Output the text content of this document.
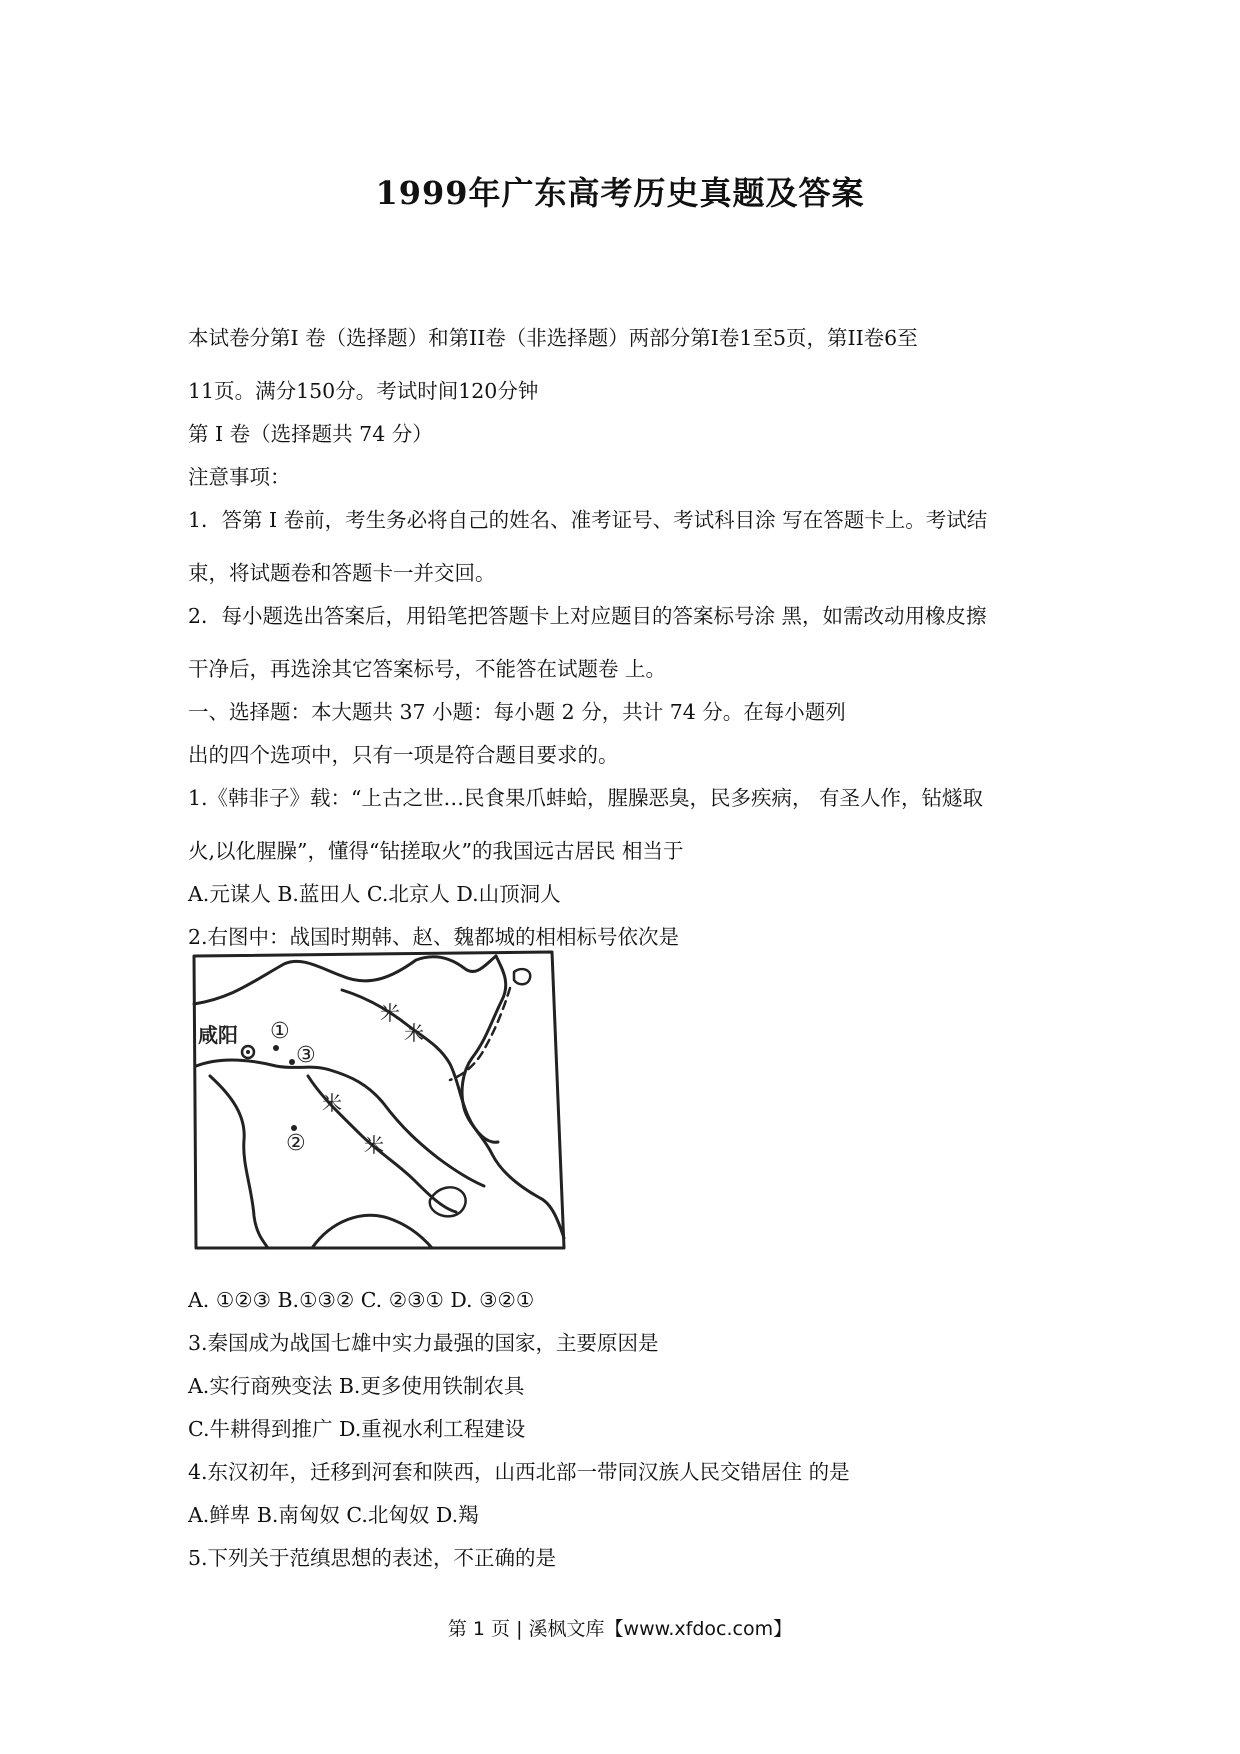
1999年广东高考历史真题及答案

本试卷分第Ⅰ 卷（选择题）和第II卷（非选择题）两部分第Ⅰ卷1至5页，第II卷6至

11页。满分150分。考试时间120分钟

第 Ⅰ 卷（选择题共 74 分）

注意事项：

1．答第 Ⅰ 卷前，考生务必将自己的姓名、准考证号、考试科目涂 写在答题卡上。考试结

束，将试题卷和答题卡一并交回。

2．每小题选出答案后，用铅笔把答题卡上对应题目的答案标号涂 黑，如需改动用橡皮擦

干净后，再选涂其它答案标号，不能答在试题卷 上。

一、选择题：本大题共 37 小题：每小题 2 分，共计 74 分。在每小题列

出的四个选项中，只有一项是符合题目要求的。

1.《韩非子》载：“上古之世…民食果爪蚌蛤，腥臊恶臭，民多疾病， 有圣人作，钻燧取

火,以化腥臊”，懂得“钻搓取火”的我国远古居民 相当于

A.元谋人 B.蓝田人 C.北京人 D.山顶洞人

2.右图中：战国时期韩、赵、魏都城的相相标号依次是

米
米
米
米
咸阳 ①
③
②

A. ①②③ B.①③② C. ②③① D. ③②①

3.秦国成为战国七雄中实力最强的国家，主要原因是

A.实行商殃变法 B.更多使用铁制农具

C.牛耕得到推广 D.重视水利工程建设

4.东汉初年，迁移到河套和陕西，山西北部一带同汉族人民交错居住 的是

A.鲜卑 B.南匈奴 C.北匈奴 D.羯

5.下列关于范缜思想的表述，不正确的是

第 1 页 | 溪枫文库【www.xfdoc.com】
